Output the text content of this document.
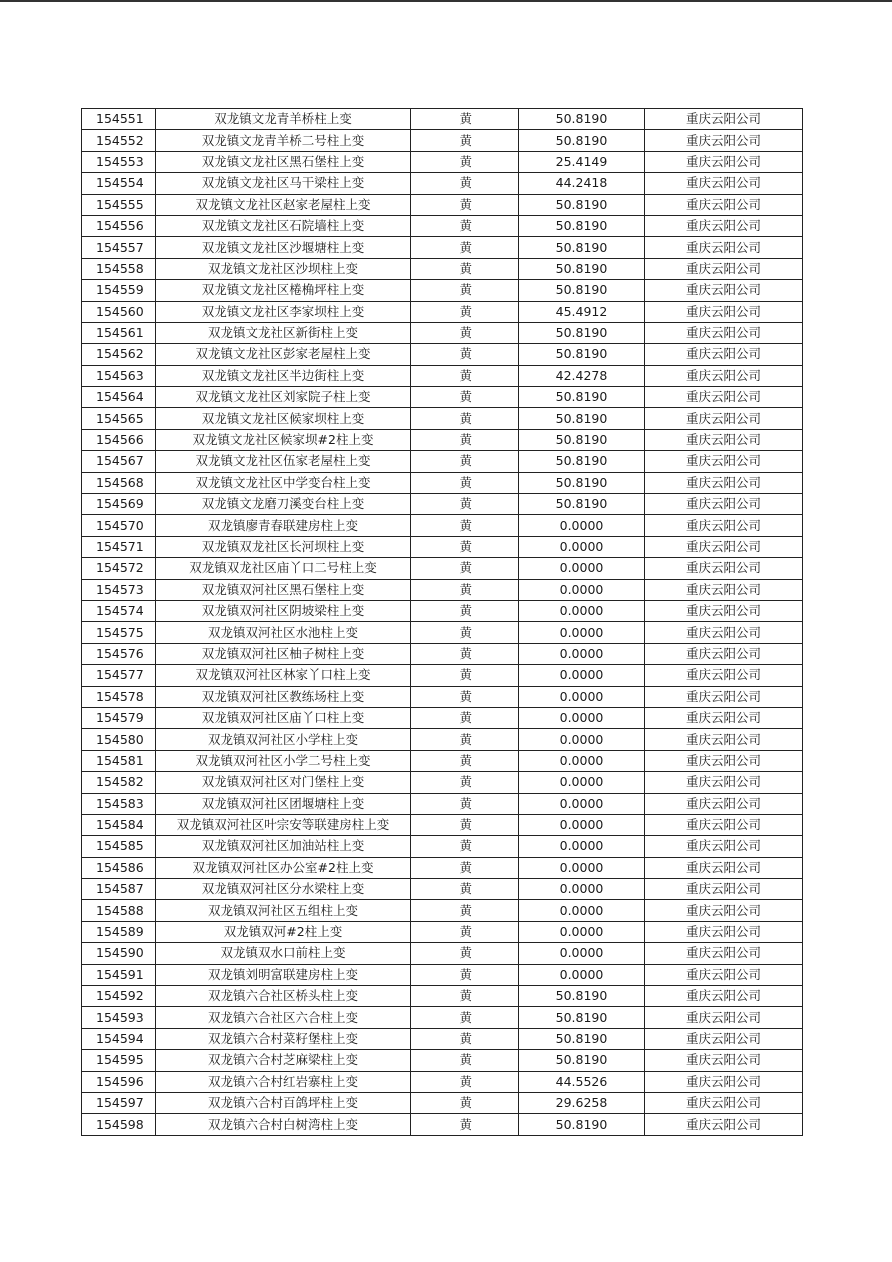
154551	双龙镇文龙青羊桥柱上变	黄	50.8190	重庆云阳公司
154552	双龙镇文龙青羊桥二号柱上变	黄	50.8190	重庆云阳公司
154553	双龙镇文龙社区黑石堡柱上变	黄	25.4149	重庆云阳公司
154554	双龙镇文龙社区马干梁柱上变	黄	44.2418	重庆云阳公司
154555	双龙镇文龙社区赵家老屋柱上变	黄	50.8190	重庆云阳公司
154556	双龙镇文龙社区石院墙柱上变	黄	50.8190	重庆云阳公司
154557	双龙镇文龙社区沙堰塘柱上变	黄	50.8190	重庆云阳公司
154558	双龙镇文龙社区沙坝柱上变	黄	50.8190	重庆云阳公司
154559	双龙镇文龙社区棬桷坪柱上变	黄	50.8190	重庆云阳公司
154560	双龙镇文龙社区李家坝柱上变	黄	45.4912	重庆云阳公司
154561	双龙镇文龙社区新街柱上变	黄	50.8190	重庆云阳公司
154562	双龙镇文龙社区彭家老屋柱上变	黄	50.8190	重庆云阳公司
154563	双龙镇文龙社区半边街柱上变	黄	42.4278	重庆云阳公司
154564	双龙镇文龙社区刘家院子柱上变	黄	50.8190	重庆云阳公司
154565	双龙镇文龙社区候家坝柱上变	黄	50.8190	重庆云阳公司
154566	双龙镇文龙社区候家坝#2柱上变	黄	50.8190	重庆云阳公司
154567	双龙镇文龙社区伍家老屋柱上变	黄	50.8190	重庆云阳公司
154568	双龙镇文龙社区中学变台柱上变	黄	50.8190	重庆云阳公司
154569	双龙镇文龙磨刀溪变台柱上变	黄	50.8190	重庆云阳公司
154570	双龙镇廖青春联建房柱上变	黄	0.0000	重庆云阳公司
154571	双龙镇双龙社区长河坝柱上变	黄	0.0000	重庆云阳公司
154572	双龙镇双龙社区庙丫口二号柱上变	黄	0.0000	重庆云阳公司
154573	双龙镇双河社区黑石堡柱上变	黄	0.0000	重庆云阳公司
154574	双龙镇双河社区阴坡梁柱上变	黄	0.0000	重庆云阳公司
154575	双龙镇双河社区水池柱上变	黄	0.0000	重庆云阳公司
154576	双龙镇双河社区柚子树柱上变	黄	0.0000	重庆云阳公司
154577	双龙镇双河社区林家丫口柱上变	黄	0.0000	重庆云阳公司
154578	双龙镇双河社区教练场柱上变	黄	0.0000	重庆云阳公司
154579	双龙镇双河社区庙丫口柱上变	黄	0.0000	重庆云阳公司
154580	双龙镇双河社区小学柱上变	黄	0.0000	重庆云阳公司
154581	双龙镇双河社区小学二号柱上变	黄	0.0000	重庆云阳公司
154582	双龙镇双河社区对门堡柱上变	黄	0.0000	重庆云阳公司
154583	双龙镇双河社区团堰塘柱上变	黄	0.0000	重庆云阳公司
154584	双龙镇双河社区叶宗安等联建房柱上变	黄	0.0000	重庆云阳公司
154585	双龙镇双河社区加油站柱上变	黄	0.0000	重庆云阳公司
154586	双龙镇双河社区办公室#2柱上变	黄	0.0000	重庆云阳公司
154587	双龙镇双河社区分水梁柱上变	黄	0.0000	重庆云阳公司
154588	双龙镇双河社区五组柱上变	黄	0.0000	重庆云阳公司
154589	双龙镇双河#2柱上变	黄	0.0000	重庆云阳公司
154590	双龙镇双水口前柱上变	黄	0.0000	重庆云阳公司
154591	双龙镇刘明富联建房柱上变	黄	0.0000	重庆云阳公司
154592	双龙镇六合社区桥头柱上变	黄	50.8190	重庆云阳公司
154593	双龙镇六合社区六合柱上变	黄	50.8190	重庆云阳公司
154594	双龙镇六合村菜籽堡柱上变	黄	50.8190	重庆云阳公司
154595	双龙镇六合村芝麻梁柱上变	黄	50.8190	重庆云阳公司
154596	双龙镇六合村红岩寨柱上变	黄	44.5526	重庆云阳公司
154597	双龙镇六合村百鸽坪柱上变	黄	29.6258	重庆云阳公司
154598	双龙镇六合村白树湾柱上变	黄	50.8190	重庆云阳公司
